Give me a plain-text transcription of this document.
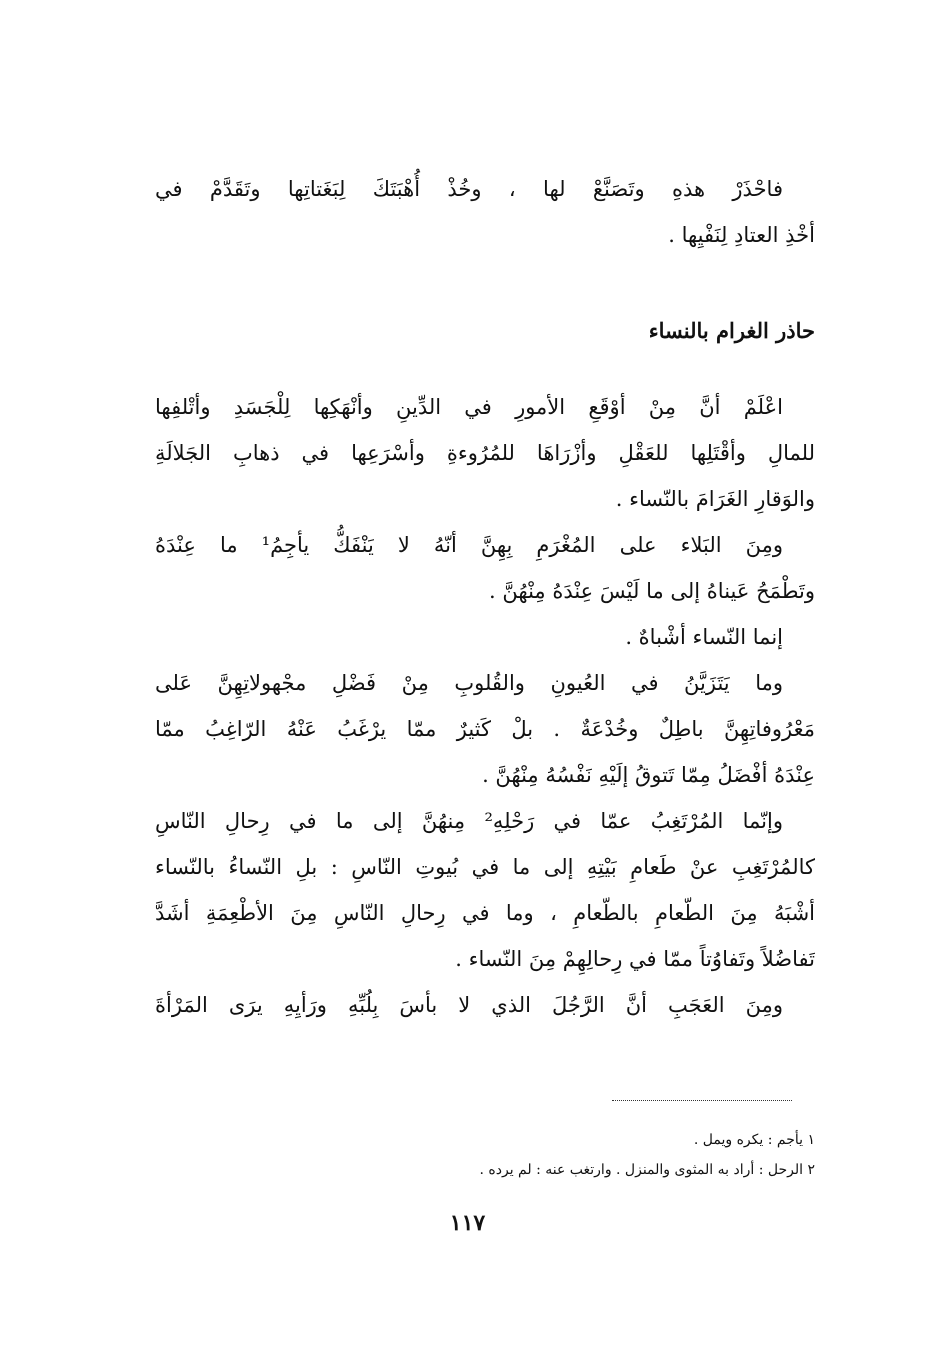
فاحْذَرْ هذهِ وتَصَنَّعْ لها ، وخُذْ أُهْبَتَكَ لِبَغَتاتِها وتَقَدَّمْ في
أخْذِ العتادِ لِنَفْيِها .
حاذر الغرام بالنساء
اعْلَمْ أنَّ مِنْ أوْقَعِ الأمورِ في الدِّينِ وأنْهَكِها لِلْجَسَدِ وأتْلفِها
للمالِ وأقْتَلِها للعَقْلِ وأزْرَاهَا للمُرُوءةِ وأسْرَعِها في ذهابِ الجَلالَةِ
والوَقارِ الغَرَامَ بالنّساء .
ومِنَ البَلاء على المُغْرَمِ بِهِنَّ أنّهُ لا يَنْفَكُّ يأجِمُ¹ ما عِنْدَهُ
وتَطْمَحُ عَيناهُ إلى ما لَيْسَ عِنْدَهُ مِنْهُنَّ .
إنما النّساء أشْباهٌ .
وما يَتَزَيَّنُ في العُيونِ والقُلوبِ مِنْ فَضْلِ مجْهولاتِهِنَّ عَلى
مَعْرُوفاتِهِنَّ باطِلٌ وخُدْعَةٌ . بلْ كَثيرٌ ممّا يرْغَبُ عَنْهُ الرّاغِبُ ممّا
عِنْدَهُ أفْضَلُ مِمّا تَتوقُ إلَيْهِ نَفْسُهُ مِنْهُنَّ .
وإنّما المُرْتَغِبُ عمّا في رَحْلِهِ² مِنهُنَّ إلى ما في رِحالِ النّاسِ
كالمُرْتَغِبِ عنْ طَعامِ بَيْتِهِ إلى ما في بُيوتِ النّاسِ : بلِ النّساءُ بالنّساء
أشْبَهُ مِنَ الطّعامِ بالطّعامِ ، وما في رِحالِ النّاسِ مِنَ الأطْعِمَةِ أشَدَّ
تَفاضُلاً وتَفاوُتاً ممّا في رِحالِهِمْ مِنَ النّساء .
ومِنَ العَجَبِ أنَّ الرَّجُلَ الذي لا بأسَ بِلُبِّهِ ورَأيِهِ يرَى المَرْأةَ
١ يأجم : يكره ويمل .
٢ الرحل : أراد به المثوى والمنزل . وارتغب عنه : لم يرده .
١١٧
